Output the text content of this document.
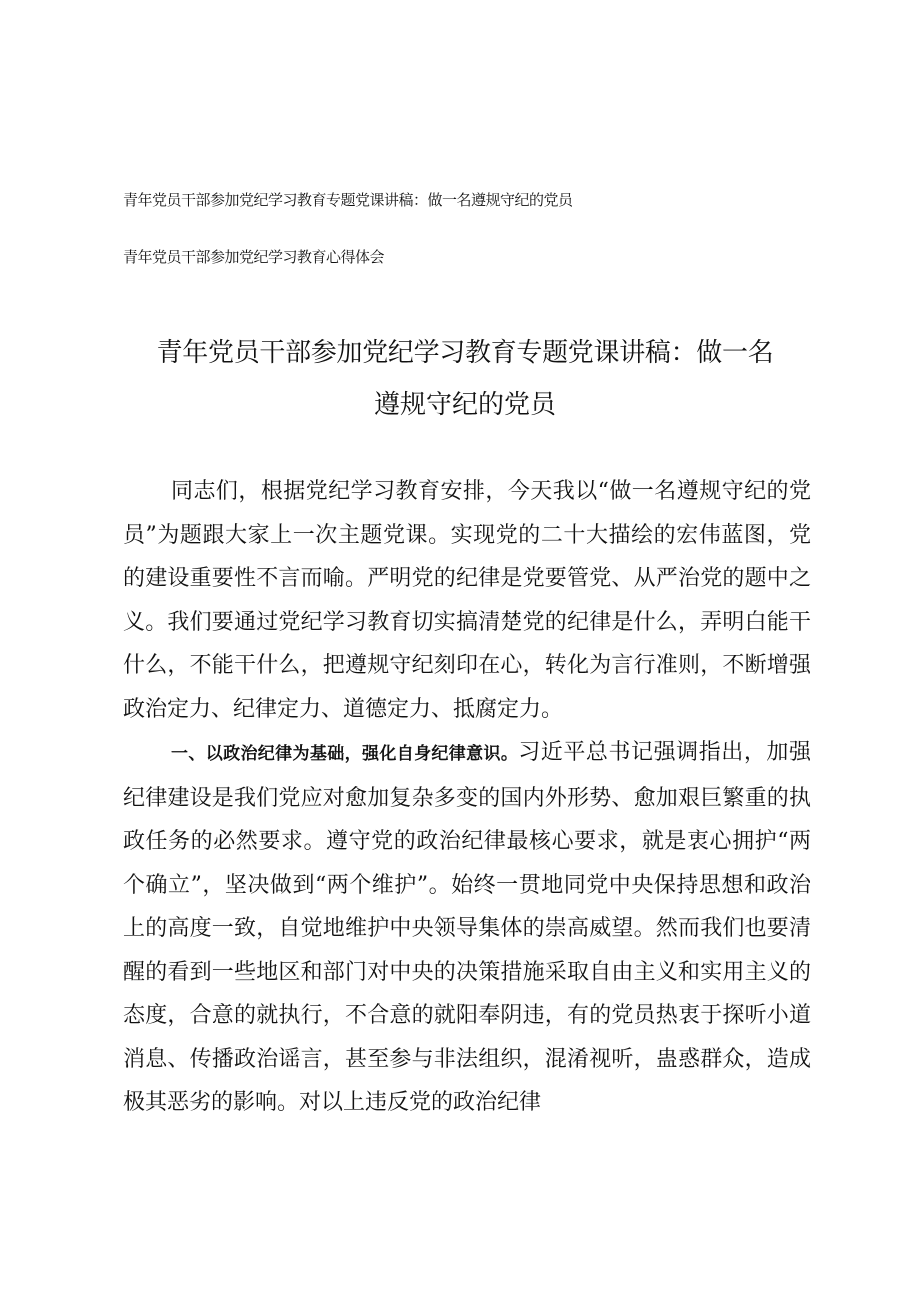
青年党员干部参加党纪学习教育专题党课讲稿：做一名遵规守纪的党员
青年党员干部参加党纪学习教育心得体会
青年党员干部参加党纪学习教育专题党课讲稿：做一名
遵规守纪的党员

同志们，根据党纪学习教育安排，今天我以“做一名遵规守纪的党员”为题跟大家上一次主题党课。实现党的二十大描绘的宏伟蓝图，党的建设重要性不言而喻。严明党的纪律是党要管党、从严治党的题中之义。我们要通过党纪学习教育切实搞清楚党的纪律是什么，弄明白能干什么，不能干什么，把遵规守纪刻印在心，转化为言行准则，不断增强政治定力、纪律定力、道德定力、抵腐定力。

一、以政治纪律为基础，强化自身纪律意识。习近平总书记强调指出，加强纪律建设是我们党应对愈加复杂多变的国内外形势、愈加艰巨繁重的执政任务的必然要求。遵守党的政治纪律最核心要求，就是衷心拥护“两个确立”，坚决做到“两个维护”。始终一贯地同党中央保持思想和政治上的高度一致，自觉地维护中央领导集体的崇高威望。然而我们也要清醒的看到一些地区和部门对中央的决策措施采取自由主义和实用主义的态度，合意的就执行，不合意的就阳奉阴违，有的党员热衷于探听小道消息、传播政治谣言，甚至参与非法组织，混淆视听，蛊惑群众，造成极其恶劣的影响。对以上违反党的政治纪律
